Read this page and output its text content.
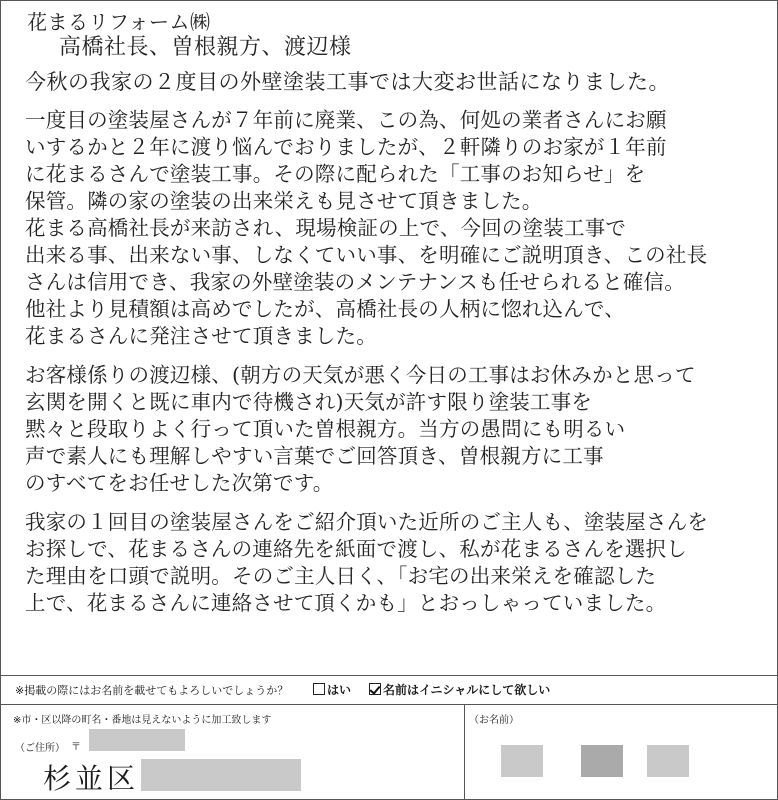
花まるリフォーム㈱
高橋社長、曽根親方、渡辺様
今秋の我家の２度目の外壁塗装工事では大変お世話になりました。
一度目の塗装屋さんが７年前に廃業、この為、何処の業者さんにお願
いするかと２年に渡り悩んでおりましたが、２軒隣りのお家が１年前
に花まるさんで塗装工事。その際に配られた「工事のお知らせ」を
保管。隣の家の塗装の出来栄えも見させて頂きました。
花まる高橋社長が来訪され、現場検証の上で、今回の塗装工事で
出来る事、出来ない事、しなくていい事、を明確にご説明頂き、この社長
さんは信用でき、我家の外壁塗装のメンテナンスも任せられると確信。
他社より見積額は高めでしたが、高橋社長の人柄に惚れ込んで、
花まるさんに発注させて頂きました。
お客様係りの渡辺様、(朝方の天気が悪く今日の工事はお休みかと思って
玄関を開くと既に車内で待機され)天気が許す限り塗装工事を
黙々と段取りよく行って頂いた曽根親方。当方の愚問にも明るい
声で素人にも理解しやすい言葉でご回答頂き、曽根親方に工事
のすべてをお任せした次第です。
我家の１回目の塗装屋さんをご紹介頂いた近所のご主人も、塗装屋さんを
お探しで、花まるさんの連絡先を紙面で渡し、私が花まるさんを選択し
た理由を口頭で説明。そのご主人日く、「お宅の出来栄えを確認した
上で、花まるさんに連絡させて頂くかも」とおっしゃっていました。
※掲載の際にはお名前を載せてもよろしいでしょうか？	はい	名前はイニシャルにして欲しい
※市・区以降の町名・番地は見えないように加工致します
（ご住所） 〒
杉並区
（お名前）
